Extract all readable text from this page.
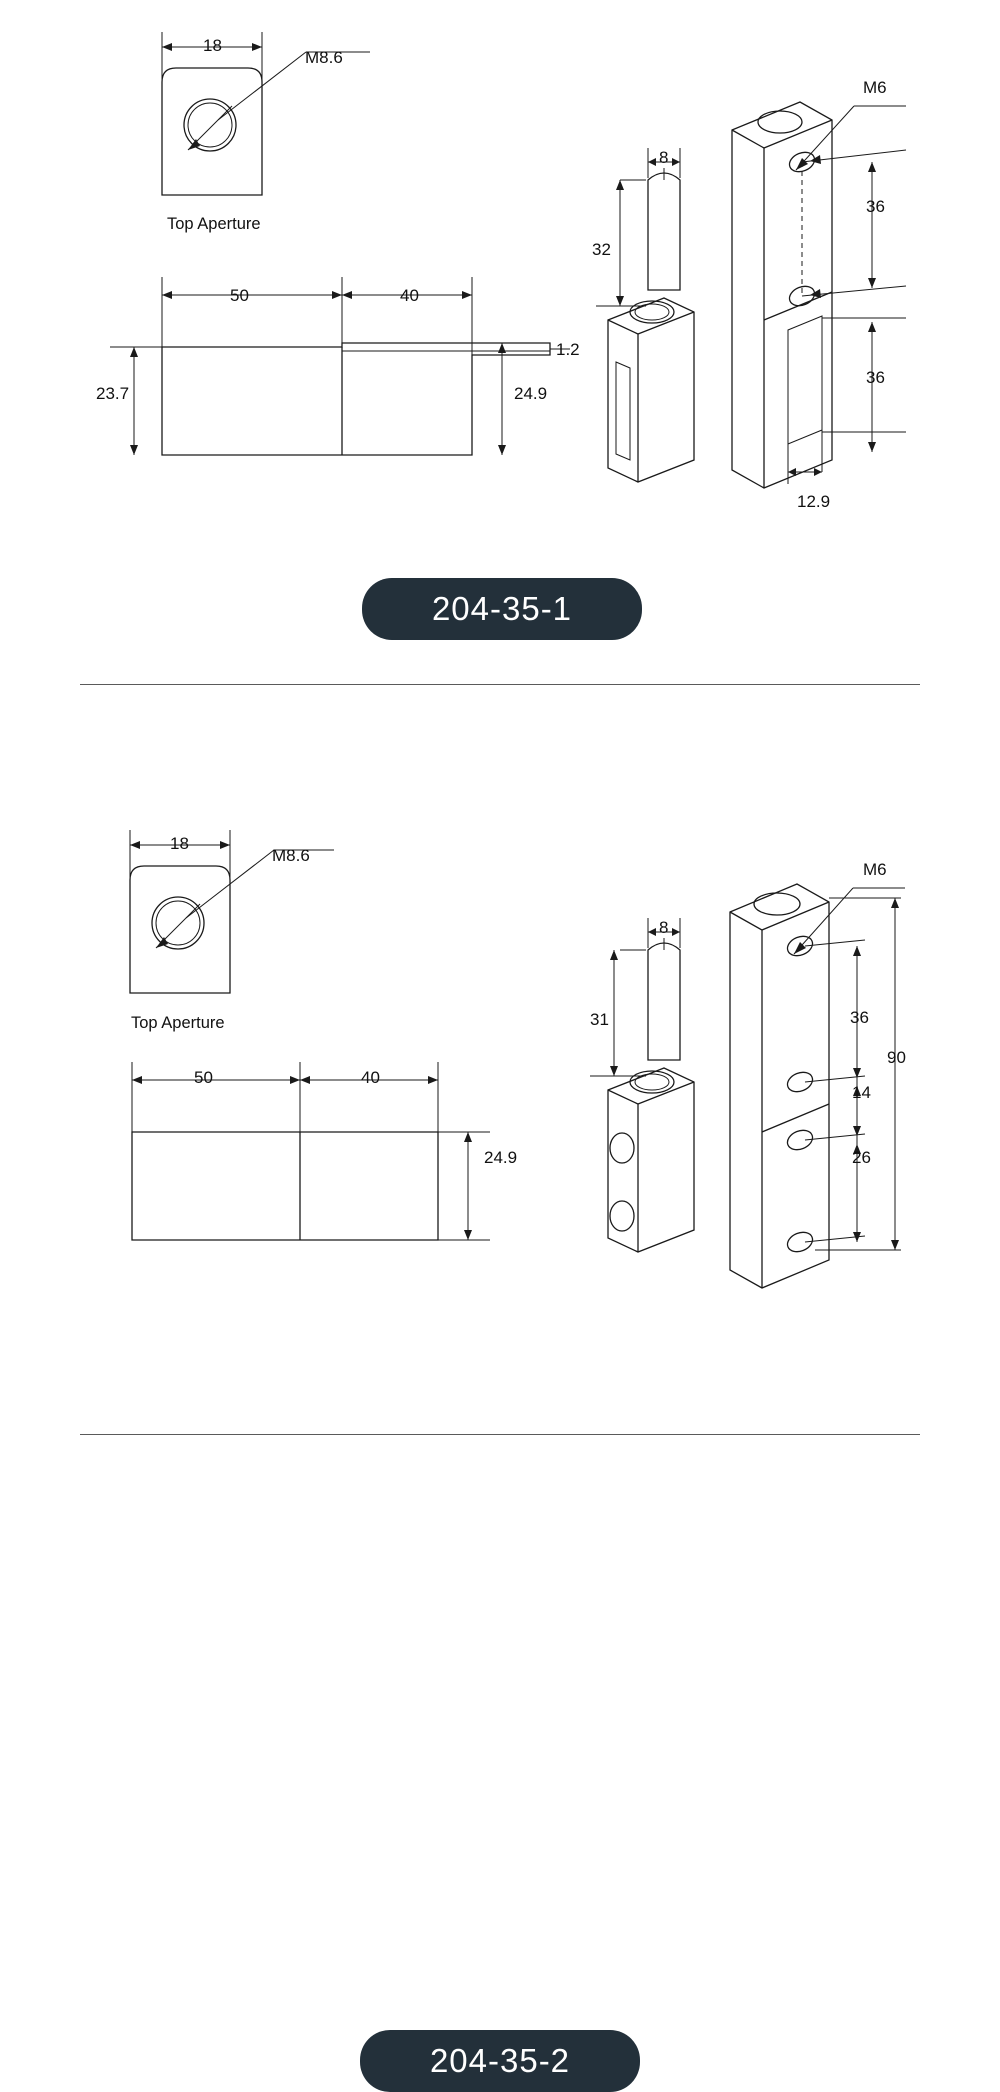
18
M8.6
Top Aperture
50	40
1.2
23.7	24.9
8
32
M6
36
36
12.9
204-35-1
18
M8.6
Top Aperture
50	40
24.9
8
31
M6
36
14
26
90
204-35-2
